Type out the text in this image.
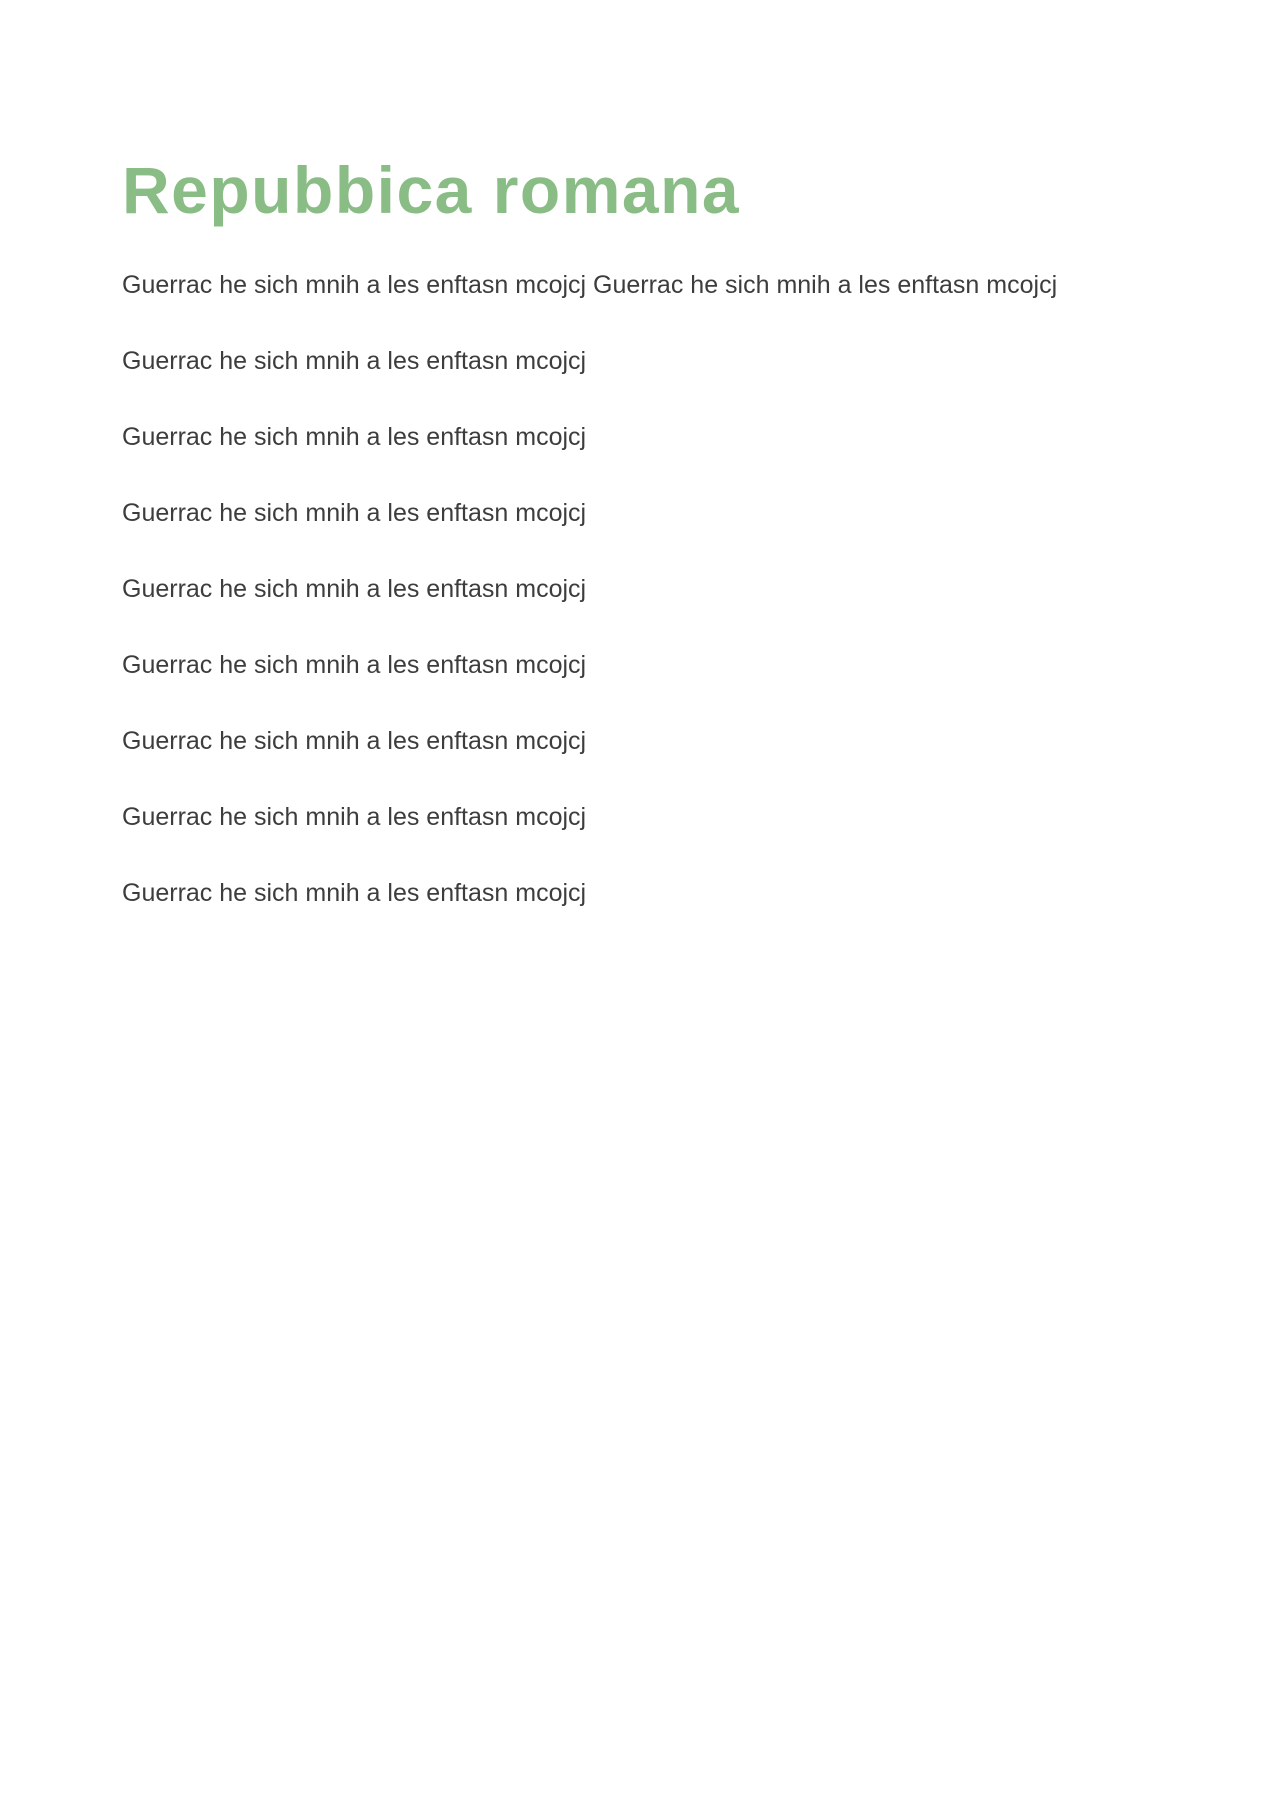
Repubbica romana

Guerrac he sich mnih a les enftasn mcojcj Guerrac he sich mnih a les enftasn mcojcj

Guerrac he sich mnih a les enftasn mcojcj

Guerrac he sich mnih a les enftasn mcojcj

Guerrac he sich mnih a les enftasn mcojcj

Guerrac he sich mnih a les enftasn mcojcj

Guerrac he sich mnih a les enftasn mcojcj

Guerrac he sich mnih a les enftasn mcojcj

Guerrac he sich mnih a les enftasn mcojcj

Guerrac he sich mnih a les enftasn mcojcj
